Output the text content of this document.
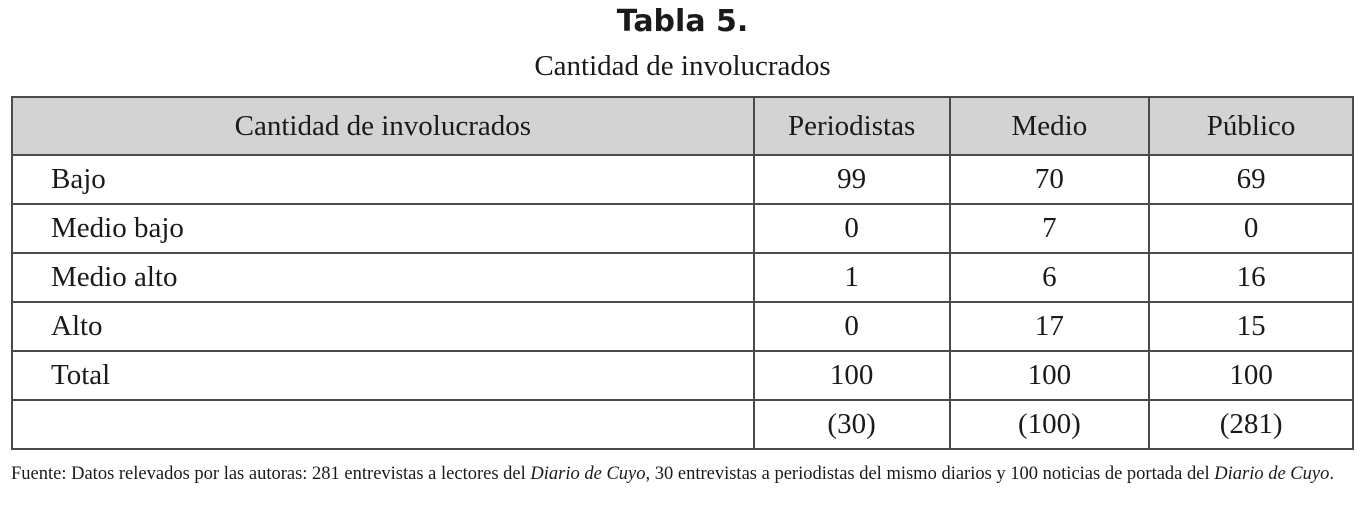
Tabla 5.
Cantidad de involucrados
Cantidad de involucrados	Periodistas	Medio	Público
Bajo	99	70	69
Medio bajo	0	7	0
Medio alto	1	6	16
Alto	0	17	15
Total	100	100	100
	(30)	(100)	(281)
Fuente: Datos relevados por las autoras: 281 entrevistas a lectores del Diario de Cuyo, 30 entrevistas a periodistas del mismo diarios y 100 noticias de portada del Diario de Cuyo.
